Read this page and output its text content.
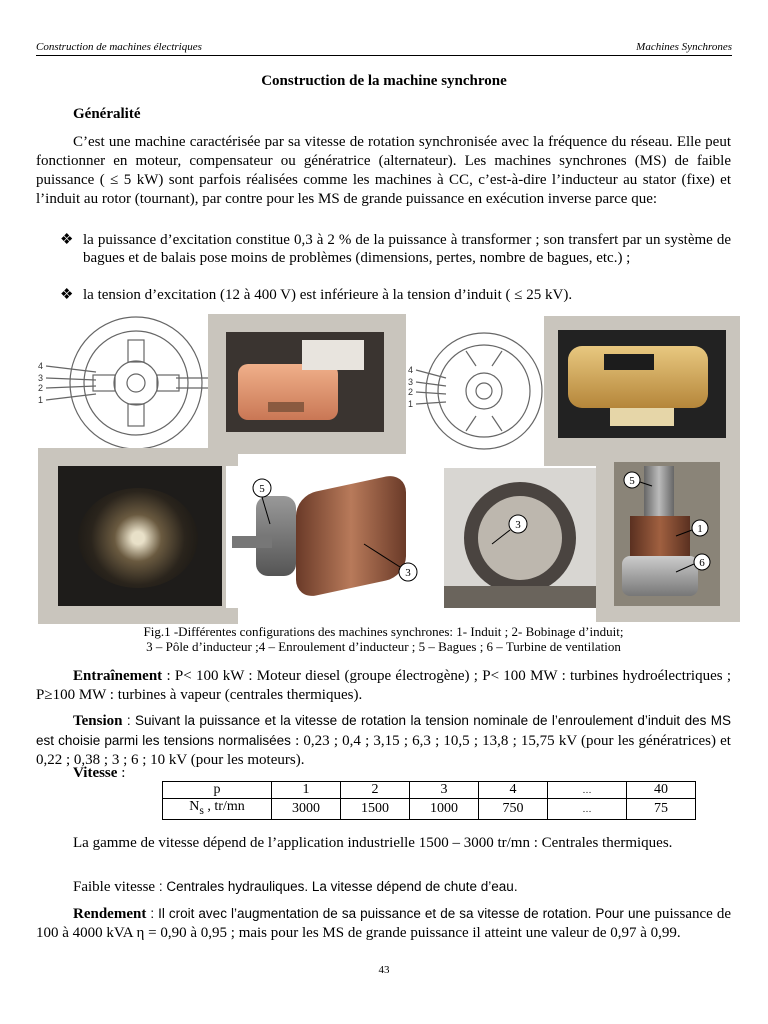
Construction de machines électriques	Machines Synchrones
Construction de la machine synchrone
Généralité
C’est une machine caractérisée par sa vitesse de rotation synchronisée avec la fréquence du réseau. Elle peut fonctionner en moteur, compensateur ou génératrice (alternateur). Les machines synchrones (MS) de faible puissance ( ≤ 5 kW) sont parfois réalisées comme les machines à CC, c’est-à-dire l’inducteur au stator (fixe) et l’induit au rotor (tournant), par contre pour les MS de grande puissance en exécution inverse parce que:
❖ la puissance d’excitation constitue 0,3 à 2 % de la puissance à transformer ; son transfert par un système de bagues et de balais pose moins de problèmes (dimensions, pertes, nombre de bagues, etc.) ;
❖ la tension d’excitation (12 à 400 V) est inférieure à la tension d’induit ( ≤ 25 kV).
4
3
2
1
4
3
2
1
5
3
3
5
1
6
Fig.1 -Différentes configurations des machines synchrones: 1- Induit ; 2- Bobinage d’induit;
3 – Pôle d’inducteur ;4 – Enroulement d’inducteur ; 5 – Bagues ; 6 – Turbine de ventilation
Entraînement : P< 100 kW : Moteur diesel (groupe électrogène) ; P< 100 MW : turbines hydroélectriques ; P≥100 MW : turbines à vapeur (centrales thermiques).
Tension : Suivant la puissance et la vitesse de rotation la tension nominale de l’enroulement d’induit des MS est choisie parmi les tensions normalisées : 0,23 ; 0,4 ; 3,15 ; 6,3 ; 10,5 ; 13,8 ; 15,75 kV (pour les génératrices) et 0,22 ; 0,38 ; 3 ; 6 ; 10 kV (pour les moteurs).
Vitesse :
p	1	2	3	4	…	40
$N_s$ , tr/mn	3000	1500	1000	750	…	75
La gamme de vitesse dépend de l’application industrielle 1500 – 3000 tr/mn : Centrales thermiques.
Faible vitesse : Centrales hydrauliques. La vitesse dépend de chute d’eau.
Rendement : Il croit avec l’augmentation de sa puissance et de sa vitesse de rotation. Pour une puissance de 100 à 4000 kVA η = 0,90 à 0,95 ; mais pour les MS de grande puissance il atteint une valeur de 0,97 à 0,99.
43
